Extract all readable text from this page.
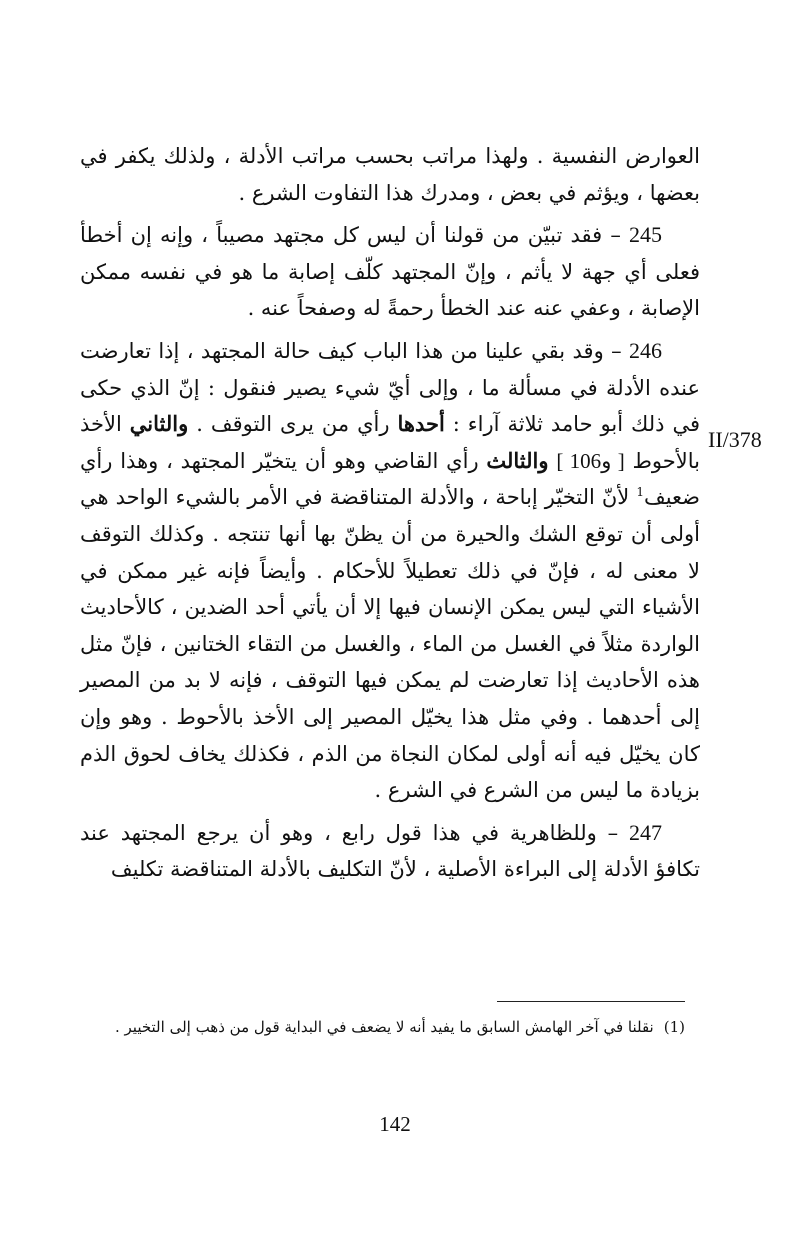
العوارض النفسية . ولهذا مراتب بحسب مراتب الأدلة ، ولذلك يكفر في بعضها ، ويؤثم في بعض ، ومدرك هذا التفاوت الشرع .

245 – فقد تبيّن من قولنا أن ليس كل مجتهد مصيباً ، وإنه إن أخطأ فعلى أي جهة لا يأثم ، وإنّ المجتهد كلّف إصابة ما هو في نفسه ممكن الإصابة ، وعفي عنه عند الخطأ رحمةً له وصفحاً عنه .

246 – وقد بقي علينا من هذا الباب كيف حالة المجتهد ، إذا تعارضت عنده الأدلة في مسألة ما ، وإلى أيّ شيء يصير فنقول : إنّ الذي حكى في ذلك أبو حامد ثلاثة آراء : أحدها رأي من يرى التوقف . والثاني الأخذ بالأحوط [ 106و ] والثالث رأي القاضي وهو أن يتخيّر المجتهد ، وهذا رأي ضعيف$^1$ لأنّ التخيّر إباحة ، والأدلة المتناقضة في الأمر بالشيء الواحد هي أولى أن توقع الشك والحيرة من أن يظنّ بها أنها تنتجه . وكذلك التوقف لا معنى له ، فإنّ في ذلك تعطيلاً للأحكام . وأيضاً فإنه غير ممكن في الأشياء التي ليس يمكن الإنسان فيها إلا أن يأتي أحد الضدين ، كالأحاديث الواردة مثلاً في الغسل من الماء ، والغسل من التقاء الختانين ، فإنّ مثل هذه الأحاديث إذا تعارضت لم يمكن فيها التوقف ، فإنه لا بد من المصير إلى أحدهما . وفي مثل هذا يخيّل المصير إلى الأخذ بالأحوط . وهو وإن كان يخيّل فيه أنه أولى لمكان النجاة من الذم ، فكذلك يخاف لحوق الذم بزيادة ما ليس من الشرع في الشرع .

247 – وللظاهرية في هذا قول رابع ، وهو أن يرجع المجتهد عند تكافؤ الأدلة إلى البراءة الأصلية ، لأنّ التكليف بالأدلة المتناقضة تكليف

II/378
(1)نقلنا في آخر الهامش السابق ما يفيد أنه لا يضعف في البداية قول من ذهب إلى التخيير .
142
